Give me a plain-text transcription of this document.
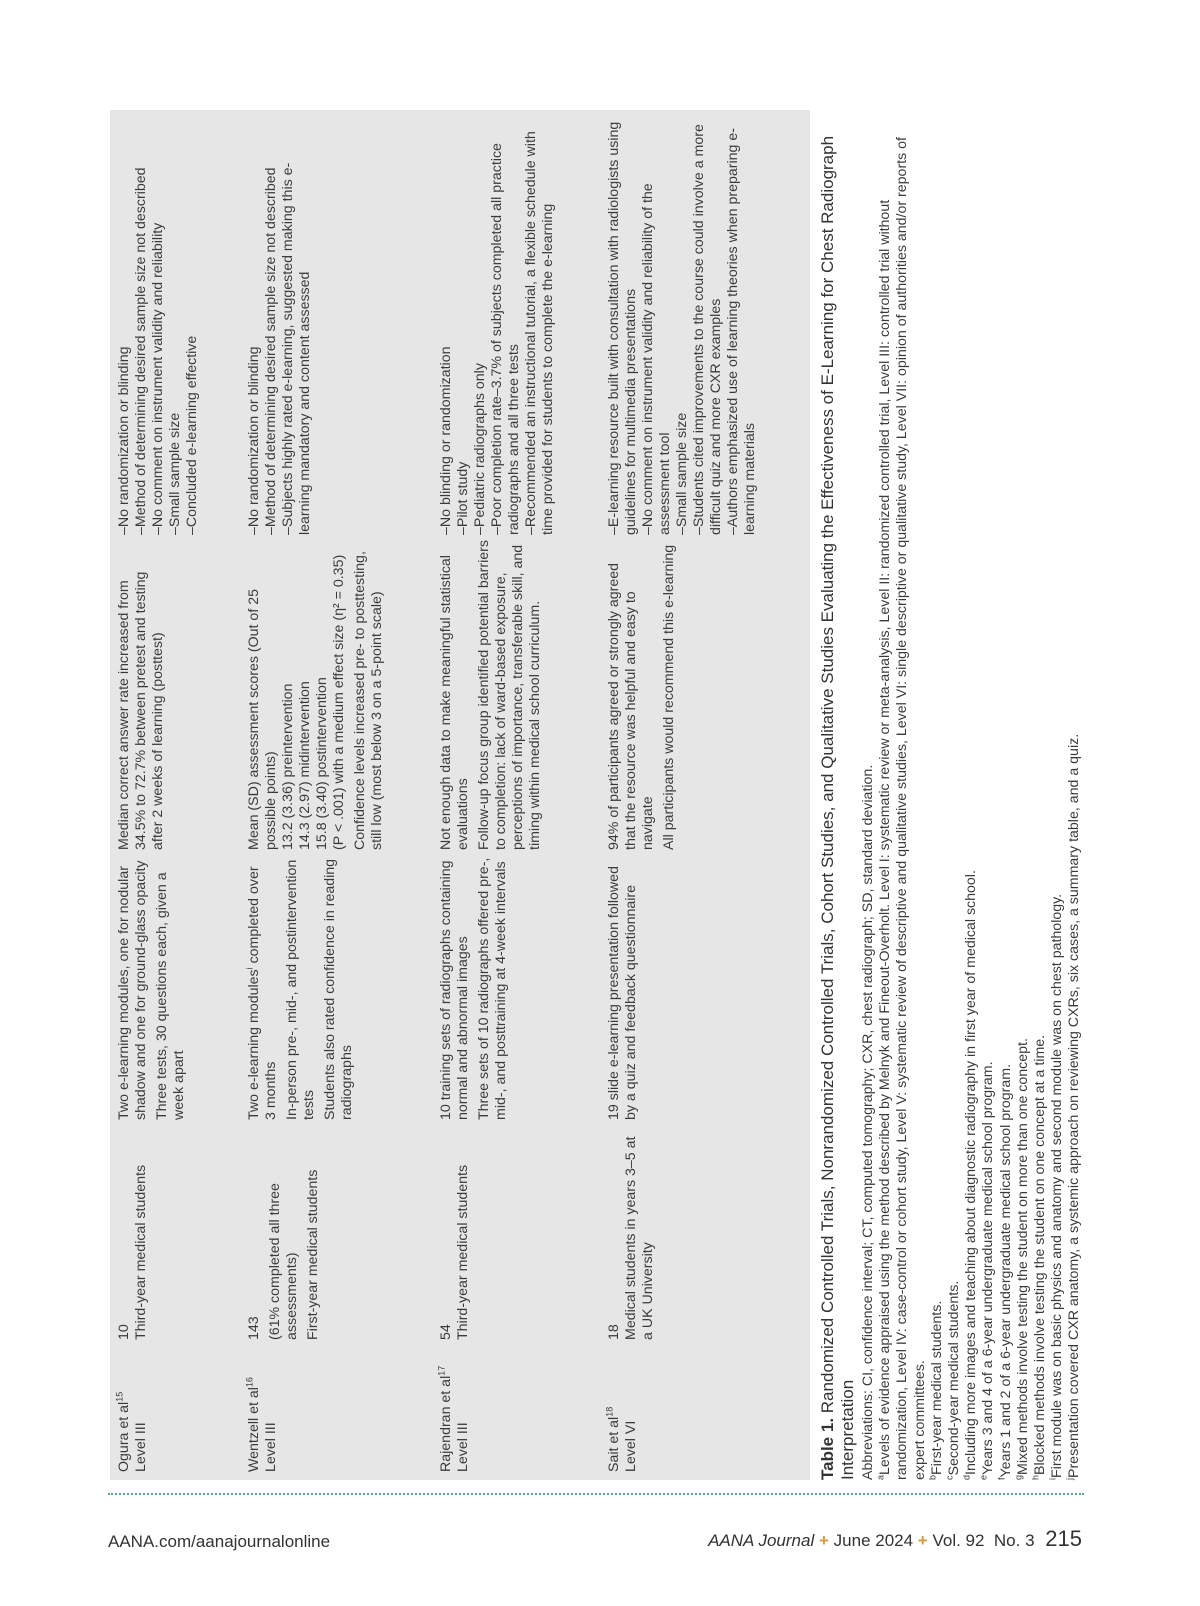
Ogura et $al^{15}$
Level III
10 Third-year medical students

Two e-learning modules, one for nodular shadow and one for ground-glass opacity Three tests, 30 questions each, given a week apart

Median correct answer rate increased from 34.5% to 72.7% between pretest and testing after 2 weeks of learning (posttest)

–No randomization or blinding
–Method of determining desired sample size not described
–No comment on instrument validity and reliability
–Small sample size
–Concluded e-learning effective
Wentzell et $al^{16}$
Level III
143 (61% completed all three assessments) First-year medical students

Two e-learning modules$^i$ completed over 3 months In-person pre-, mid-, and postintervention tests Students also rated confidence in reading radiographs

Mean (SD) assessment scores (Out of 25 possible points)
13.2 (3.36) preintervention
14.3 (2.97) midintervention
15.8 (3.40) postintervention (P < .001) with a medium effect size (η² = 0.35) Confidence levels increased pre- to posttesting, still low (most below 3 on a 5-point scale)

–No randomization or blinding
–Method of determining desired sample size not described
–Subjects highly rated e-learning, suggested making this e-learning mandatory and content assessed
Rajendran et $al^{17}$
Level III
54 Third-year medical students

10 training sets of radiographs containing normal and abnormal images Three sets of 10 radiographs offered pre-, mid-, and posttraining at 4-week intervals

Not enough data to make meaningful statistical evaluations Follow-up focus group identified potential barriers to completion: lack of ward-based exposure, perceptions of importance, transferable skill, and timing within medical school curriculum.

–No blinding or randomization
–Pilot study
–Pediatric radiographs only
–Poor completion rate–3.7% of subjects completed all practice radiographs and all three tests
–Recommended an instructional tutorial, a flexible schedule with time provided for students to complete the e-learning
Sait et $al^{18}$
Level VI
18 Medical students in years 3–5 at a UK University

19 slide e-learning presentation followed by a quiz and feedback questionnaire

94% of participants agreed or strongly agreed that the resource was helpful and easy to navigate All participants would recommend this e-learning

–E-learning resource built with consultation with radiologists using guidelines for multimedia presentations
–No comment on instrument validity and reliability of the assessment tool
–Small sample size
–Students cited improvements to the course could involve a more difficult quiz and more CXR examples
–Authors emphasized use of learning theories when preparing e-learning materials
Table 1. Randomized Controlled Trials, Nonrandomized Controlled Trials, Cohort Studies, and Qualitative Studies Evaluating the Effectiveness of E-Learning for Chest Radiograph Interpretation Abbreviations: CI, confidence interval; CT, computed tomography; CXR, chest radiograph; SD, standard deviation. $^a$Levels of evidence appraised using the method described by Melnyk and Fineout-Overholt. Level I: systematic review or meta-analysis, Level II: randomized controlled trial, Level III: controlled trial without randomization, Level IV: case-control or cohort study, Level V: systematic review of descriptive and qualitative studies, Level VI: single descriptive or qualitative study, Level VII: opinion of authorities and/or reports of expert committees. $^b$First-year medical students.
$^c$Second-year medical students.
$^d$Including more images and teaching about diagnostic radiography in first year of medical school.
$^e$Years 3 and 4 of a 6-year undergraduate medical school program.
$^f$Years 1 and 2 of a 6-year undergraduate medical school program.
$^g$Mixed methods involve testing the student on more than one concept.
$^h$Blocked methods involve testing the student on one concept at a time.
$^i$First module was on basic physics and anatomy and second module was on chest pathology.
$^j$Presentation covered CXR anatomy, a systemic approach on reviewing CXRs, six cases, a summary table, and a quiz.
AANA.com/aanajournalonline	AANA Journal + June 2024 + Vol. 92  No. 3 215
